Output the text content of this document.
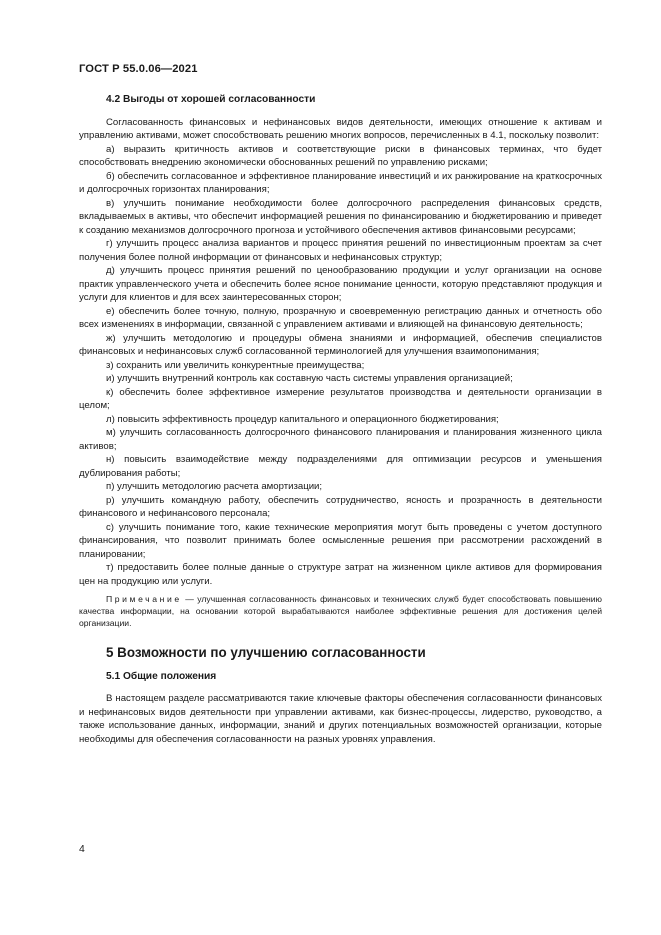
ГОСТ Р 55.0.06—2021
4.2 Выгоды от хорошей согласованности

Согласованность финансовых и нефинансовых видов деятельности, имеющих отношение к активам и управлению активами, может способствовать решению многих вопросов, перечисленных в 4.1, поскольку позволит:

а) выразить критичность активов и соответствующие риски в финансовых терминах, что будет способствовать внедрению экономически обоснованных решений по управлению рисками;

б) обеспечить согласованное и эффективное планирование инвестиций и их ранжирование на краткосрочных и долгосрочных горизонтах планирования;

в) улучшить понимание необходимости более долгосрочного распределения финансовых средств, вкладываемых в активы, что обеспечит информацией решения по финансированию и бюджетированию и приведет к созданию механизмов долгосрочного прогноза и устойчивого обеспечения активов финансовыми ресурсами;

г) улучшить процесс анализа вариантов и процесс принятия решений по инвестиционным проектам за счет получения более полной информации от финансовых и нефинансовых структур;

д) улучшить процесс принятия решений по ценообразованию продукции и услуг организации на основе практик управленческого учета и обеспечить более ясное понимание ценности, которую представляют продукция и услуги для клиентов и для всех заинтересованных сторон;

е) обеспечить более точную, полную, прозрачную и своевременную регистрацию данных и отчетность обо всех изменениях в информации, связанной с управлением активами и влияющей на финансовую деятельность;

ж) улучшить методологию и процедуры обмена знаниями и информацией, обеспечив специалистов финансовых и нефинансовых служб согласованной терминологией для улучшения взаимопонимания;

з) сохранить или увеличить конкурентные преимущества;

и) улучшить внутренний контроль как составную часть системы управления организацией;

к) обеспечить более эффективное измерение результатов производства и деятельности организации в целом;

л) повысить эффективность процедур капитального и операционного бюджетирования;

м) улучшить согласованность долгосрочного финансового планирования и планирования жизненного цикла активов;

н) повысить взаимодействие между подразделениями для оптимизации ресурсов и уменьшения дублирования работы;

п) улучшить методологию расчета амортизации;

р) улучшить командную работу, обеспечить сотрудничество, ясность и прозрачность в деятельности финансового и нефинансового персонала;

с) улучшить понимание того, какие технические мероприятия могут быть проведены с учетом доступного финансирования, что позволит принимать более осмысленные решения при рассмотрении расхождений в планировании;

т) предоставить более полные данные о структуре затрат на жизненном цикле активов для формирования цен на продукцию или услуги.

Примечание — улучшенная согласованность финансовых и технических служб будет способствовать повышению качества информации, на основании которой вырабатываются наиболее эффективные решения для достижения целей организации.
5 Возможности по улучшению согласованности
5.1 Общие положения

В настоящем разделе рассматриваются такие ключевые факторы обеспечения согласованности финансовых и нефинансовых видов деятельности при управлении активами, как бизнес-процессы, лидерство, руководство, а также использование данных, информации, знаний и других потенциальных возможностей организации, которые необходимы для обеспечения согласованности на разных уровнях управления.

4
